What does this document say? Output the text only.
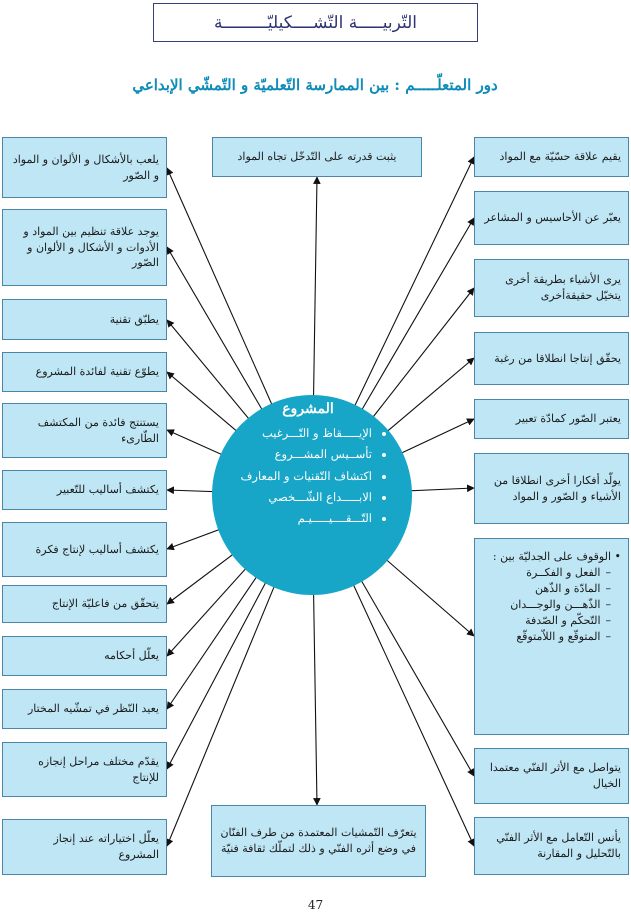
التّربيـــــة التّشــــكيليّـــــــــة
دور المتعلّـــــم : بين الممارسة التّعلميّة و التّمشّي الإبداعي
يلعب بالأشكال و الألوان و المواد و الصّور
يوجد علاقة تنظيم بين المواد و الأدوات و الأشكال و الألوان و الصّور
يطبّق تقنية
يطوّع تقنية لفائدة المشروع
يستنتج فائدة من المكتشف الطّارىء
يكتشف أساليب للتّعبير
يكتشف أساليب لإنتاج فكرة
يتحقّق من فاعليّة الإنتاج
يعلّل أحكامه
يعيد النّظر في تمشّيه المختار
يقدّم مختلف مراحل إنجازه للإنتاج
يعلّل اختياراته عند إنجاز المشروع
يثبت قدرته على التّدخّل تجاه المواد
يتعرّف التّمشيات المعتمدة من طرف الفنّان في وضع أثره الفنّي و ذلك لتملّك ثقافة فنيّة
يقيم علاقة حسّيّة مع المواد
يعبّر عن الأحاسيس و المشاعر
يرى الأشياء بطريقة أخرى يتخيّل حقيقةأخرى
يحقّق إنتاجا انطلاقا من رغبة
يعتبر الصّور كمادّة تعبير
يولّد أفكارا أخرى انطلاقا من الأشياء و الصّور و المواد
•
الوقوف على الجدليّة بين :
– الفعل و الفكــرة
– المادّة و الذّهن
– الذّهـــن والوجـــدان
– التّحكّم و الصّدفة
– المتوقّع و اللاّمتوقّع
يتواصل مع الأثر الفنّي معتمدا الخيال
يأنس التّعامل مع الأثر الفنّي بالتّحليل و المقارنة
المشروع
• الإيـــــقاظ و التّـــرغيب
• تأســيس المشـــروع
• اكتشاف التّقنيات و المعارف
• الابـــــداع الشّـــخصي
• التّـــقــــيـــــيـم
47
